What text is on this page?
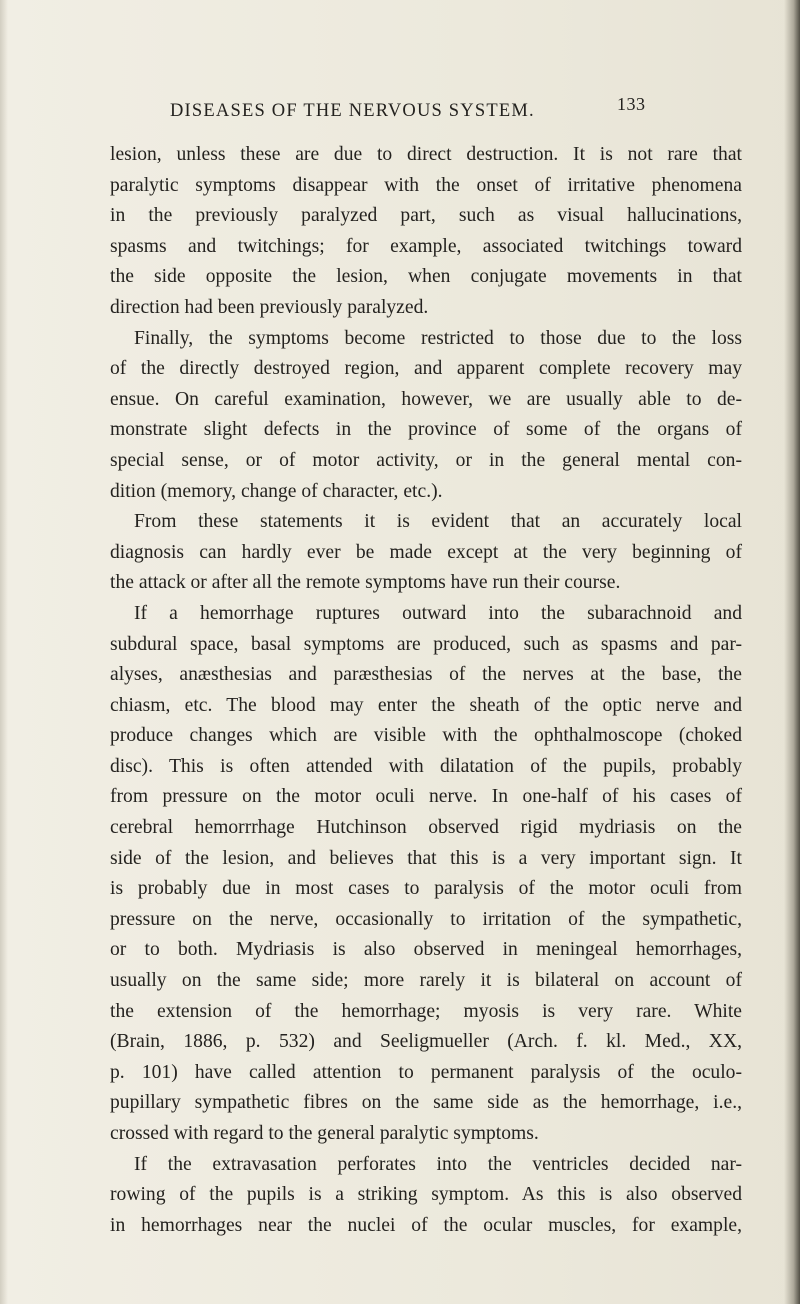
DISEASES OF THE NERVOUS SYSTEM.	133
lesion, unless these are due to direct destruction. It is not rare that
paralytic symptoms disappear with the onset of irritative phenomena
in the previously paralyzed part, such as visual hallucinations,
spasms and twitchings; for example, associated twitchings toward
the side opposite the lesion, when conjugate movements in that
direction had been previously paralyzed.
Finally, the symptoms become restricted to those due to the loss
of the directly destroyed region, and apparent complete recovery may
ensue. On careful examination, however, we are usually able to de-
monstrate slight defects in the province of some of the organs of
special sense, or of motor activity, or in the general mental con-
dition (memory, change of character, etc.).
From these statements it is evident that an accurately local
diagnosis can hardly ever be made except at the very beginning of
the attack or after all the remote symptoms have run their course.
If a hemorrhage ruptures outward into the subarachnoid and
subdural space, basal symptoms are produced, such as spasms and par-
alyses, anæsthesias and paræsthesias of the nerves at the base, the
chiasm, etc. The blood may enter the sheath of the optic nerve and
produce changes which are visible with the ophthalmoscope (choked
disc). This is often attended with dilatation of the pupils, probably
from pressure on the motor oculi nerve. In one-half of his cases of
cerebral hemorrrhage Hutchinson observed rigid mydriasis on the
side of the lesion, and believes that this is a very important sign. It
is probably due in most cases to paralysis of the motor oculi from
pressure on the nerve, occasionally to irritation of the sympathetic,
or to both. Mydriasis is also observed in meningeal hemorrhages,
usually on the same side; more rarely it is bilateral on account of
the extension of the hemorrhage; myosis is very rare. White
(Brain, 1886, p. 532) and Seeligmueller (Arch. f. kl. Med., XX,
p. 101) have called attention to permanent paralysis of the oculo-
pupillary sympathetic fibres on the same side as the hemorrhage, i.e.,
crossed with regard to the general paralytic symptoms.
If the extravasation perforates into the ventricles decided nar-
rowing of the pupils is a striking symptom. As this is also observed
in hemorrhages near the nuclei of the ocular muscles, for example,
